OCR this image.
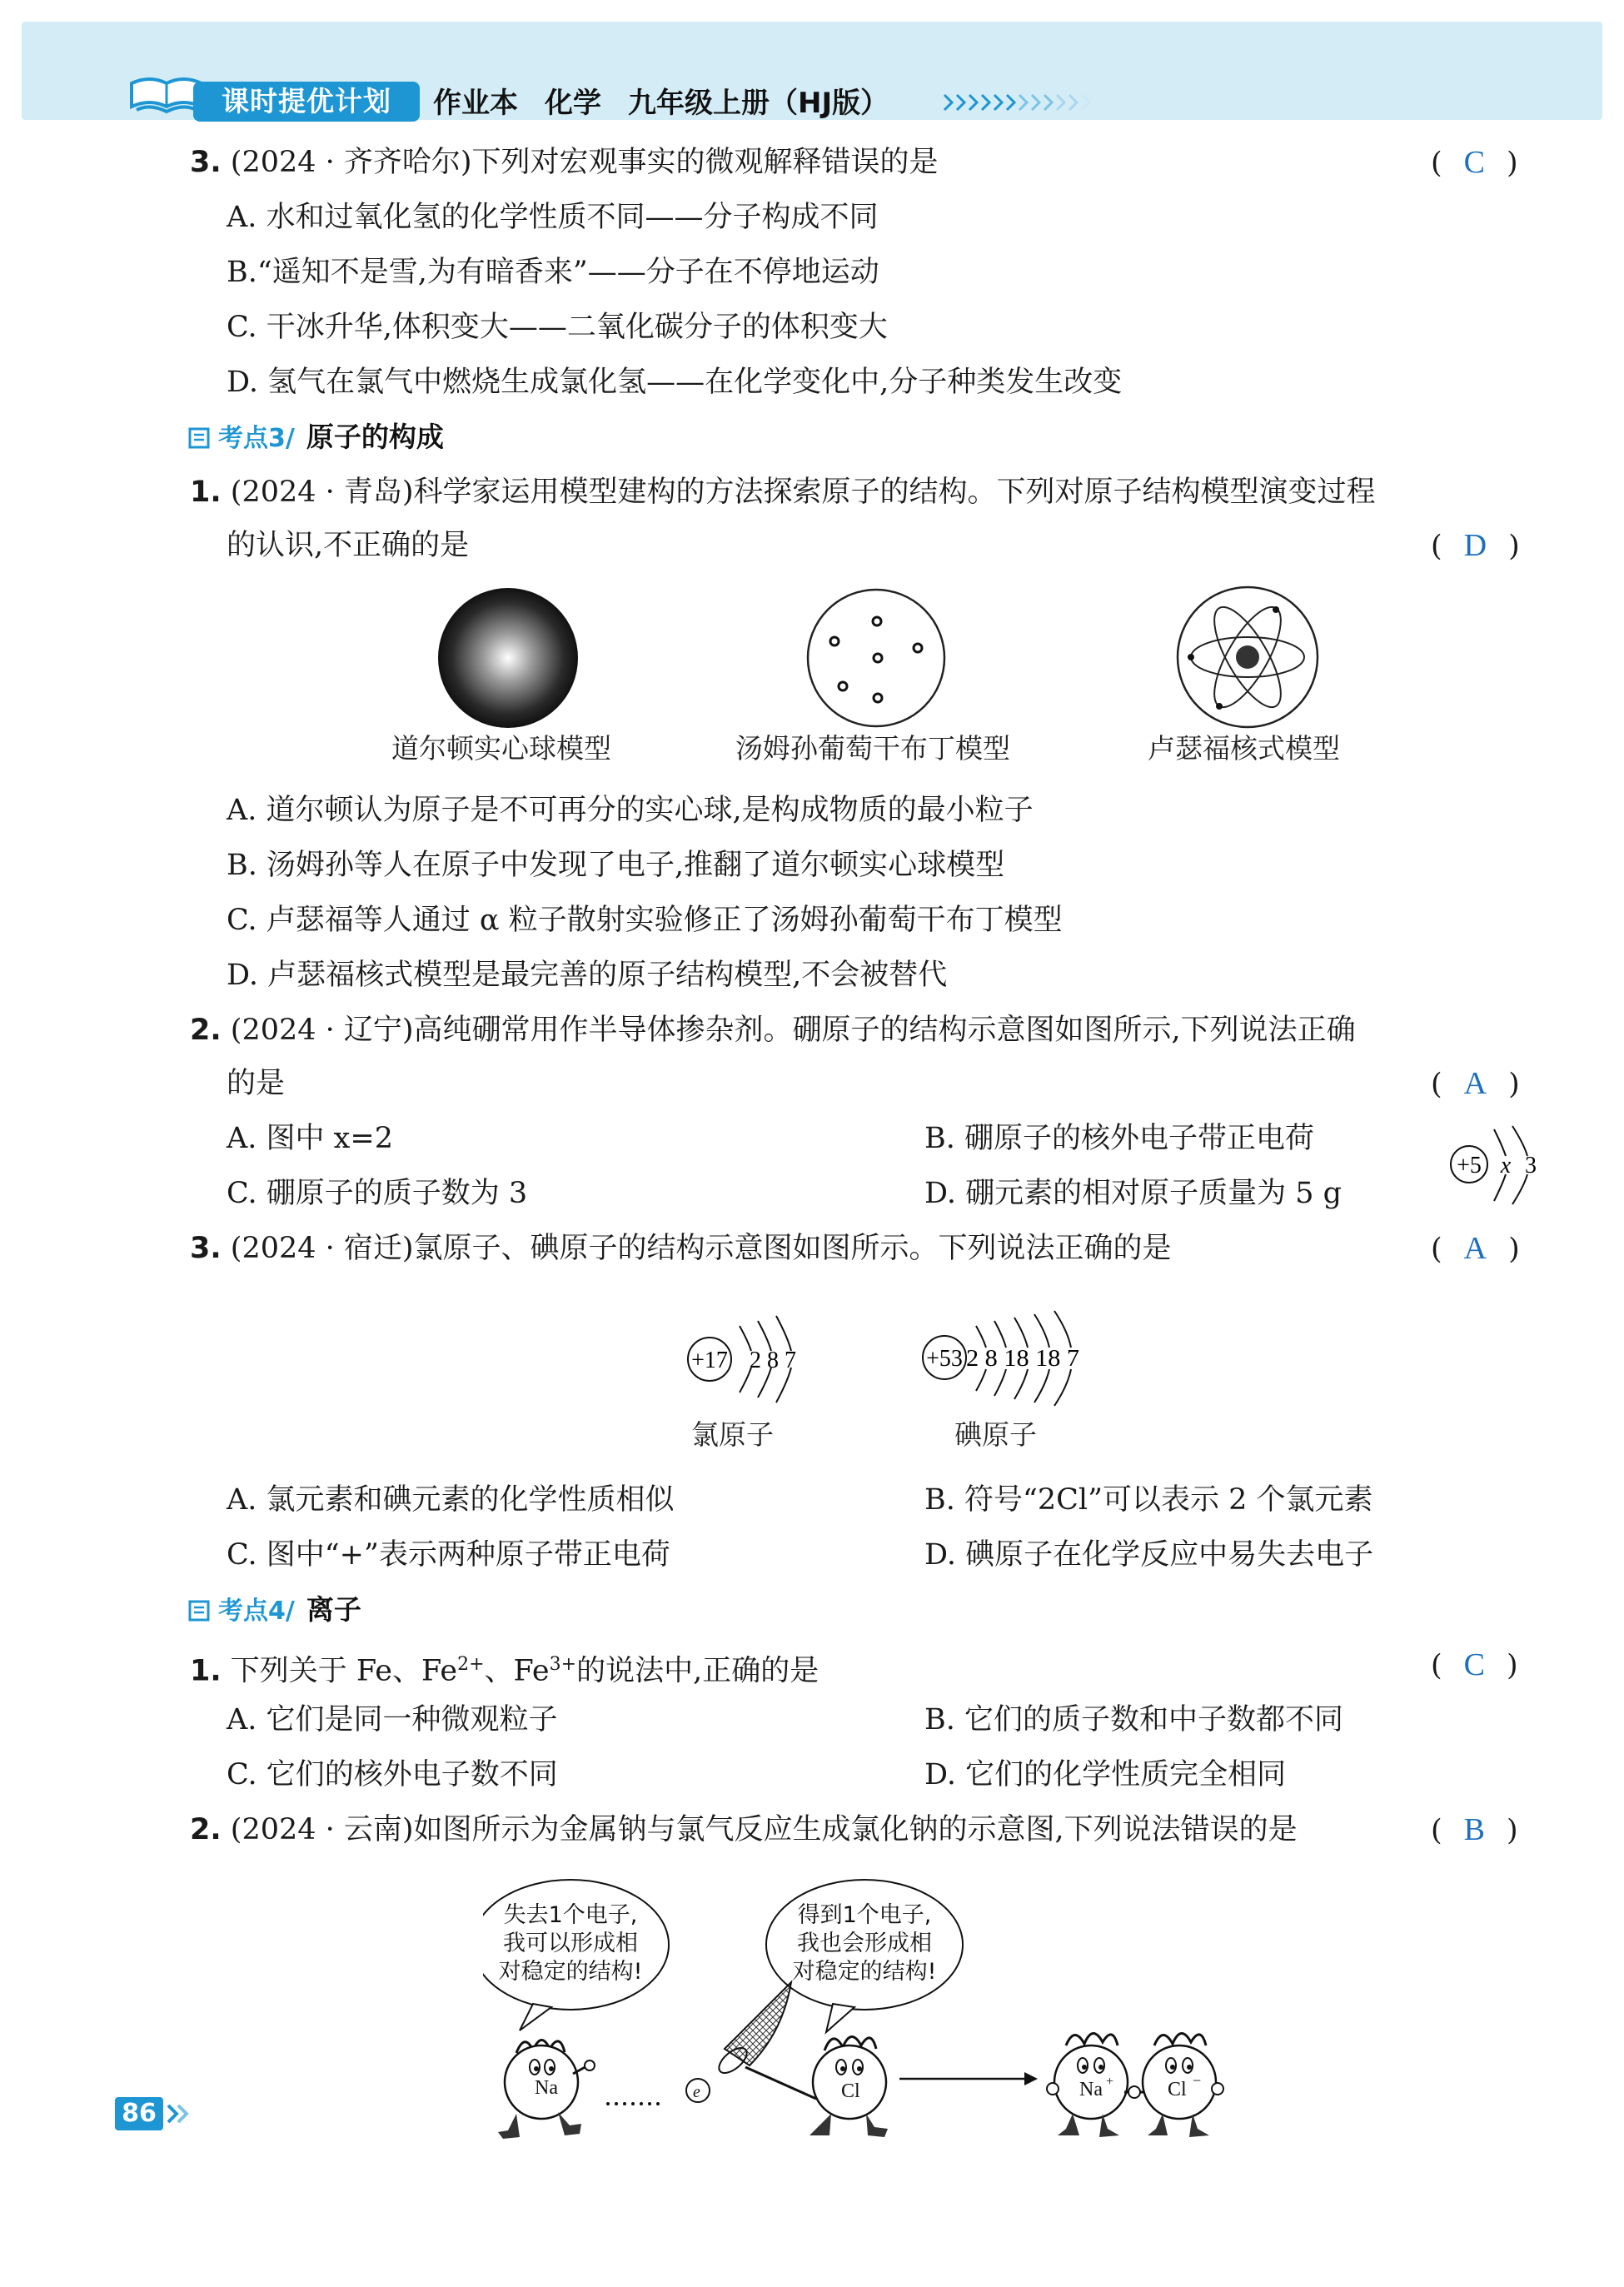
课时提优计划	作业本 化学 九年级上册（HJ版）
3. (2024 · 齐齐哈尔)下列对宏观事实的微观解释错误的是	( C )
A. 水和过氧化氢的化学性质不同——分子构成不同
B.“遥知不是雪,为有暗香来”——分子在不停地运动
C. 干冰升华,体积变大——二氧化碳分子的体积变大
D. 氢气在氯气中燃烧生成氯化氢——在化学变化中,分子种类发生改变
考点3/ 原子的构成
1. (2024 · 青岛)科学家运用模型建构的方法探索原子的结构。下列对原子结构模型演变过程
的认识,不正确的是	( D )
道尔顿实心球模型	汤姆孙葡萄干布丁模型	卢瑟福核式模型
A. 道尔顿认为原子是不可再分的实心球,是构成物质的最小粒子
B. 汤姆孙等人在原子中发现了电子,推翻了道尔顿实心球模型
C. 卢瑟福等人通过 α 粒子散射实验修正了汤姆孙葡萄干布丁模型
D. 卢瑟福核式模型是最完善的原子结构模型,不会被替代
2. (2024 · 辽宁)高纯硼常用作半导体掺杂剂。硼原子的结构示意图如图所示,下列说法正确
的是	( A )
A. 图中 x=2	B. 硼原子的核外电子带正电荷
C. 硼原子的质子数为 3	D. 硼元素的相对原子质量为 5 g
+5 x 3
3. (2024 · 宿迁)氯原子、碘原子的结构示意图如图所示。下列说法正确的是	( A )
+17 2 8 7
氯原子
+53 2 8 18 18 7
碘原子
A. 氯元素和碘元素的化学性质相似	B. 符号“2Cl”可以表示 2 个氯元素
C. 图中“+”表示两种原子带正电荷	D. 碘原子在化学反应中易失去电子
考点4/ 离子
1. 下列关于 Fe、$Fe^{2+}$、$Fe^{3+}$的说法中,正确的是	( C )
A. 它们是同一种微观粒子	B. 它们的质子数和中子数都不同
C. 它们的核外电子数不同	D. 它们的化学性质完全相同
2. (2024 · 云南)如图所示为金属钠与氯气反应生成氯化钠的示意图,下列说法错误的是	( B )
失去1个电子,
我可以形成相
对稳定的结构!
得到1个电子,
我也会形成相
对稳定的结构!
Na	e	Cl	Na +	Cl −
86
